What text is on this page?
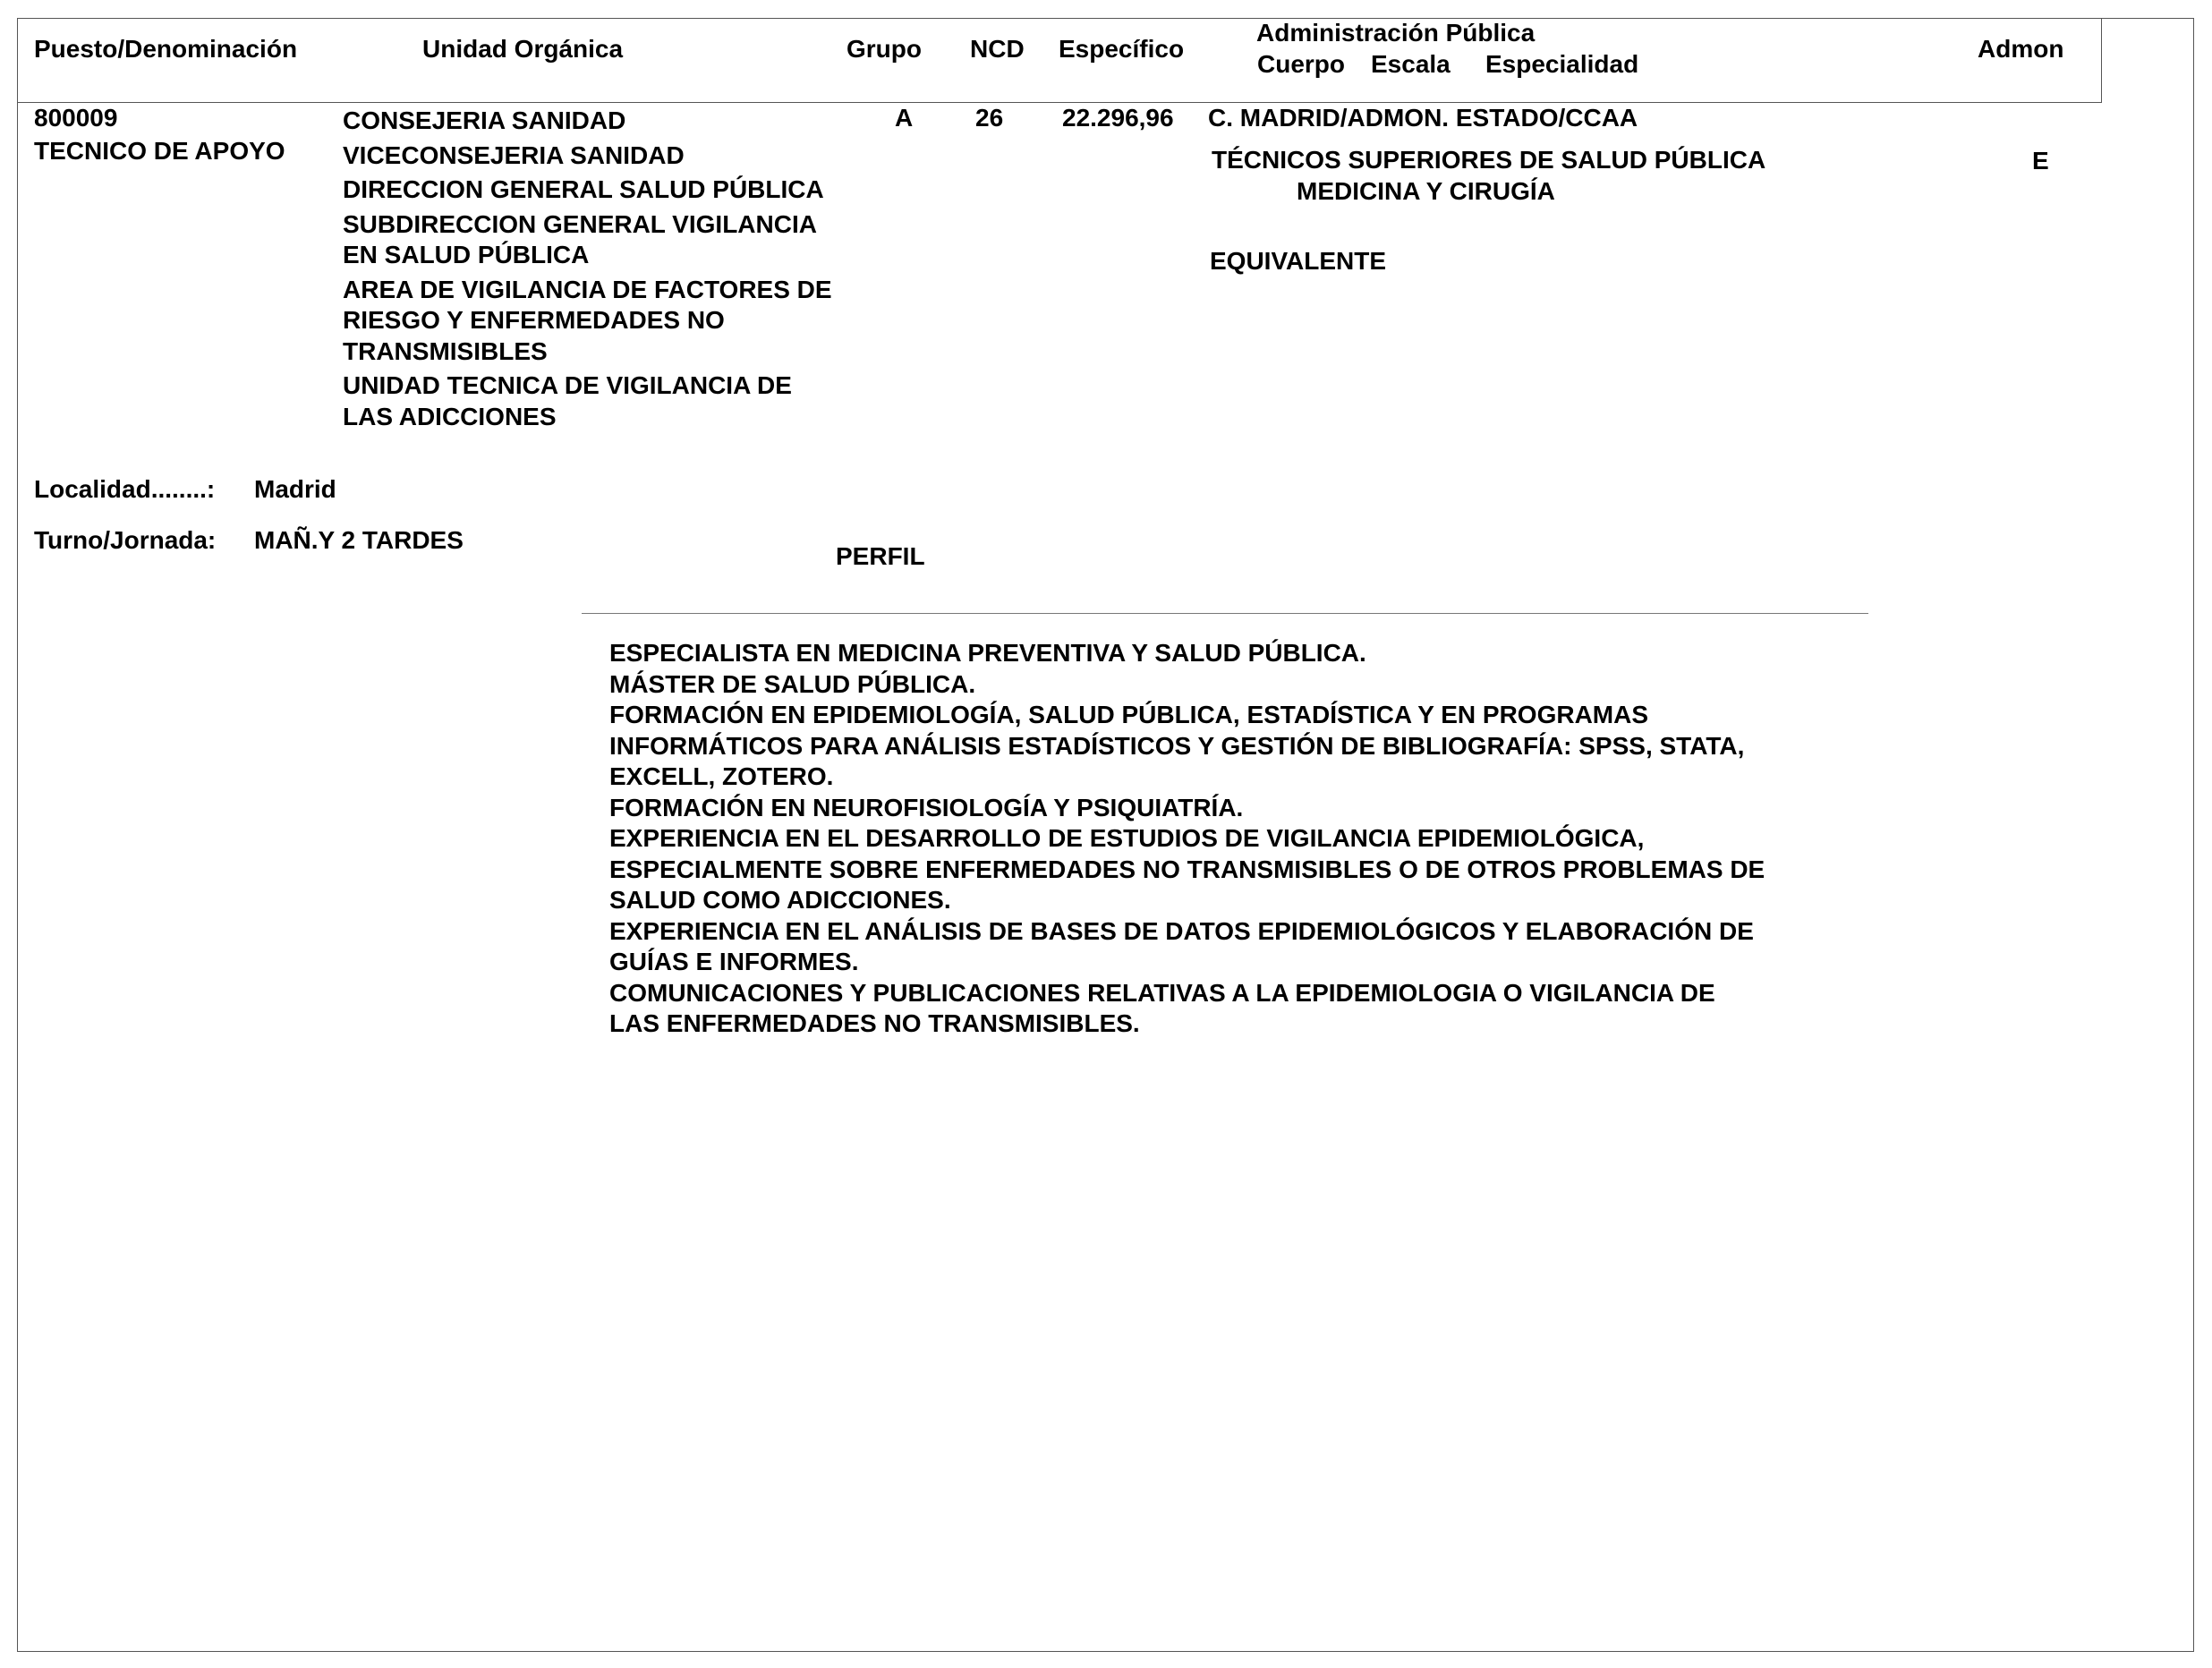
Puesto/Denominación	Unidad Orgánica	Grupo NCD Específico
Administración Pública
Cuerpo Escala Especialidad
Admon
800009
TECNICO DE APOYO
CONSEJERIA SANIDAD
VICECONSEJERIA SANIDAD
DIRECCION GENERAL SALUD PÚBLICA
SUBDIRECCION GENERAL VIGILANCIA
EN SALUD PÚBLICA
AREA DE VIGILANCIA DE FACTORES DE
RIESGO Y ENFERMEDADES NO
TRANSMISIBLES
UNIDAD TECNICA DE VIGILANCIA DE
LAS ADICCIONES
A 26 22.296,96 C. MADRID/ADMON. ESTADO/CCAA
TÉCNICOS SUPERIORES DE SALUD PÚBLICA
MEDICINA Y CIRUGÍA
EQUIVALENTE
E
Localidad........: Madrid
Turno/Jornada: MAÑ.Y 2 TARDES
PERFIL
ESPECIALISTA EN MEDICINA PREVENTIVA Y SALUD PÚBLICA.
MÁSTER DE SALUD PÚBLICA.
FORMACIÓN EN EPIDEMIOLOGÍA, SALUD PÚBLICA, ESTADÍSTICA Y EN PROGRAMAS
INFORMÁTICOS PARA ANÁLISIS ESTADÍSTICOS Y GESTIÓN DE BIBLIOGRAFÍA: SPSS, STATA,
EXCELL, ZOTERO.
FORMACIÓN EN NEUROFISIOLOGÍA Y PSIQUIATRÍA.
EXPERIENCIA EN EL DESARROLLO DE ESTUDIOS DE VIGILANCIA EPIDEMIOLÓGICA,
ESPECIALMENTE SOBRE ENFERMEDADES NO TRANSMISIBLES O DE OTROS PROBLEMAS DE
SALUD COMO ADICCIONES.
EXPERIENCIA EN EL ANÁLISIS DE BASES DE DATOS EPIDEMIOLÓGICOS Y ELABORACIÓN DE
GUÍAS E INFORMES.
COMUNICACIONES Y PUBLICACIONES RELATIVAS A LA EPIDEMIOLOGIA O VIGILANCIA DE
LAS ENFERMEDADES NO TRANSMISIBLES.
